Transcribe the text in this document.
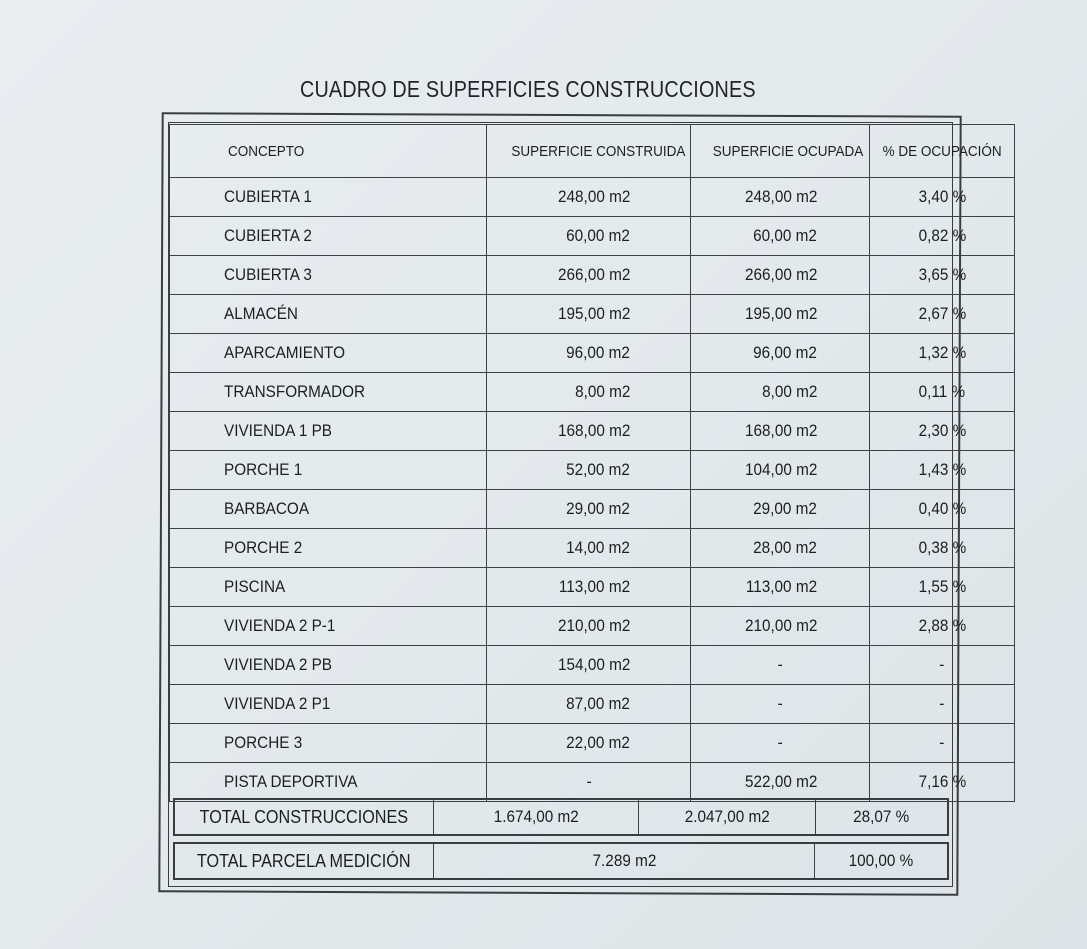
CUADRO DE SUPERFICIES CONSTRUCCIONES
CONCEPTO	SUPERFICIE CONSTRUIDA	SUPERFICIE OCUPADA	% DE OCUPACIÓN
CUBIERTA 1	248,00 m2	248,00 m2	3,40 %
CUBIERTA 2	60,00 m2	60,00 m2	0,82 %
CUBIERTA 3	266,00 m2	266,00 m2	3,65 %
ALMACÉN	195,00 m2	195,00 m2	2,67 %
APARCAMIENTO	96,00 m2	96,00 m2	1,32 %
TRANSFORMADOR	8,00 m2	8,00 m2	0,11 %
VIVIENDA 1 PB	168,00 m2	168,00 m2	2,30 %
PORCHE 1	52,00 m2	104,00 m2	1,43 %
BARBACOA	29,00 m2	29,00 m2	0,40 %
PORCHE 2	14,00 m2	28,00 m2	0,38 %
PISCINA	113,00 m2	113,00 m2	1,55 %
VIVIENDA 2 P-1	210,00 m2	210,00 m2	2,88 %
VIVIENDA 2 PB	154,00 m2	-	-
VIVIENDA 2 P1	87,00 m2	-	-
PORCHE 3	22,00 m2	-	-
PISTA DEPORTIVA	-	522,00 m2	7,16 %
TOTAL CONSTRUCCIONES	1.674,00 m2	2.047,00 m2	28,07 %
TOTAL PARCELA MEDICIÓN	7.289 m2	100,00 %
